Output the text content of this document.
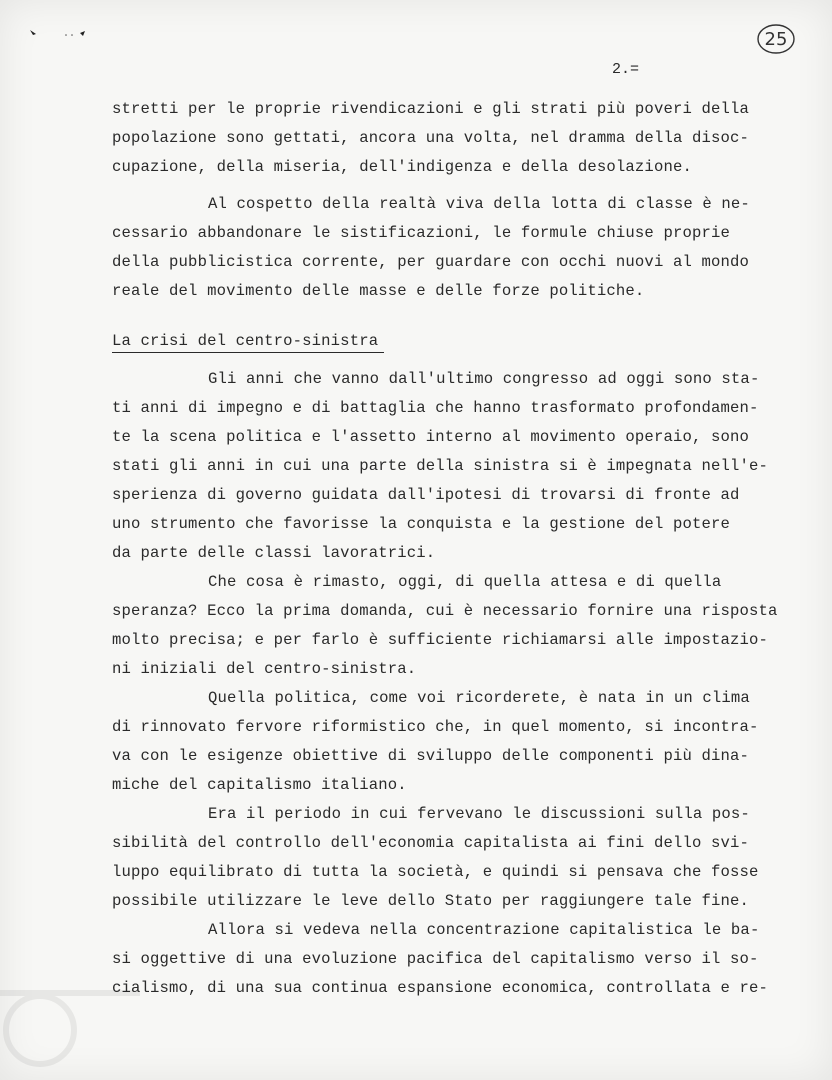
25
2.=
stretti per le proprie rivendicazioni e gli strati più poveri della
popolazione sono gettati, ancora una volta, nel dramma della disoc-
cupazione, della miseria, dell'indigenza e della desolazione.
Al cospetto della realtà viva della lotta di classe è ne-
cessario abbandonare le sistificazioni, le formule chiuse proprie
della pubblicistica corrente, per guardare con occhi nuovi al mondo
reale del movimento delle masse e delle forze politiche.
La crisi del centro-sinistra
Gli anni che vanno dall'ultimo congresso ad oggi sono sta-
ti anni di impegno e di battaglia che hanno trasformato profondamen-
te la scena politica e l'assetto interno al movimento operaio, sono
stati gli anni in cui una parte della sinistra si è impegnata nell'e-
sperienza di governo guidata dall'ipotesi di trovarsi di fronte ad
uno strumento che favorisse la conquista e la gestione del potere
da parte delle classi lavoratrici.
Che cosa è rimasto, oggi, di quella attesa e di quella
speranza? Ecco la prima domanda, cui è necessario fornire una risposta
molto precisa; e per farlo è sufficiente richiamarsi alle impostazio-
ni iniziali del centro-sinistra.
Quella politica, come voi ricorderete, è nata in un clima
di rinnovato fervore riformistico che, in quel momento, si incontra-
va con le esigenze obiettive di sviluppo delle componenti più dina-
miche del capitalismo italiano.
Era il periodo in cui fervevano le discussioni sulla pos-
sibilità del controllo dell'economia capitalista ai fini dello svi-
luppo equilibrato di tutta la società, e quindi si pensava che fosse
possibile utilizzare le leve dello Stato per raggiungere tale fine.
Allora si vedeva nella concentrazione capitalistica le ba-
si oggettive di una evoluzione pacifica del capitalismo verso il so-
cialismo, di una sua continua espansione economica, controllata e re-
